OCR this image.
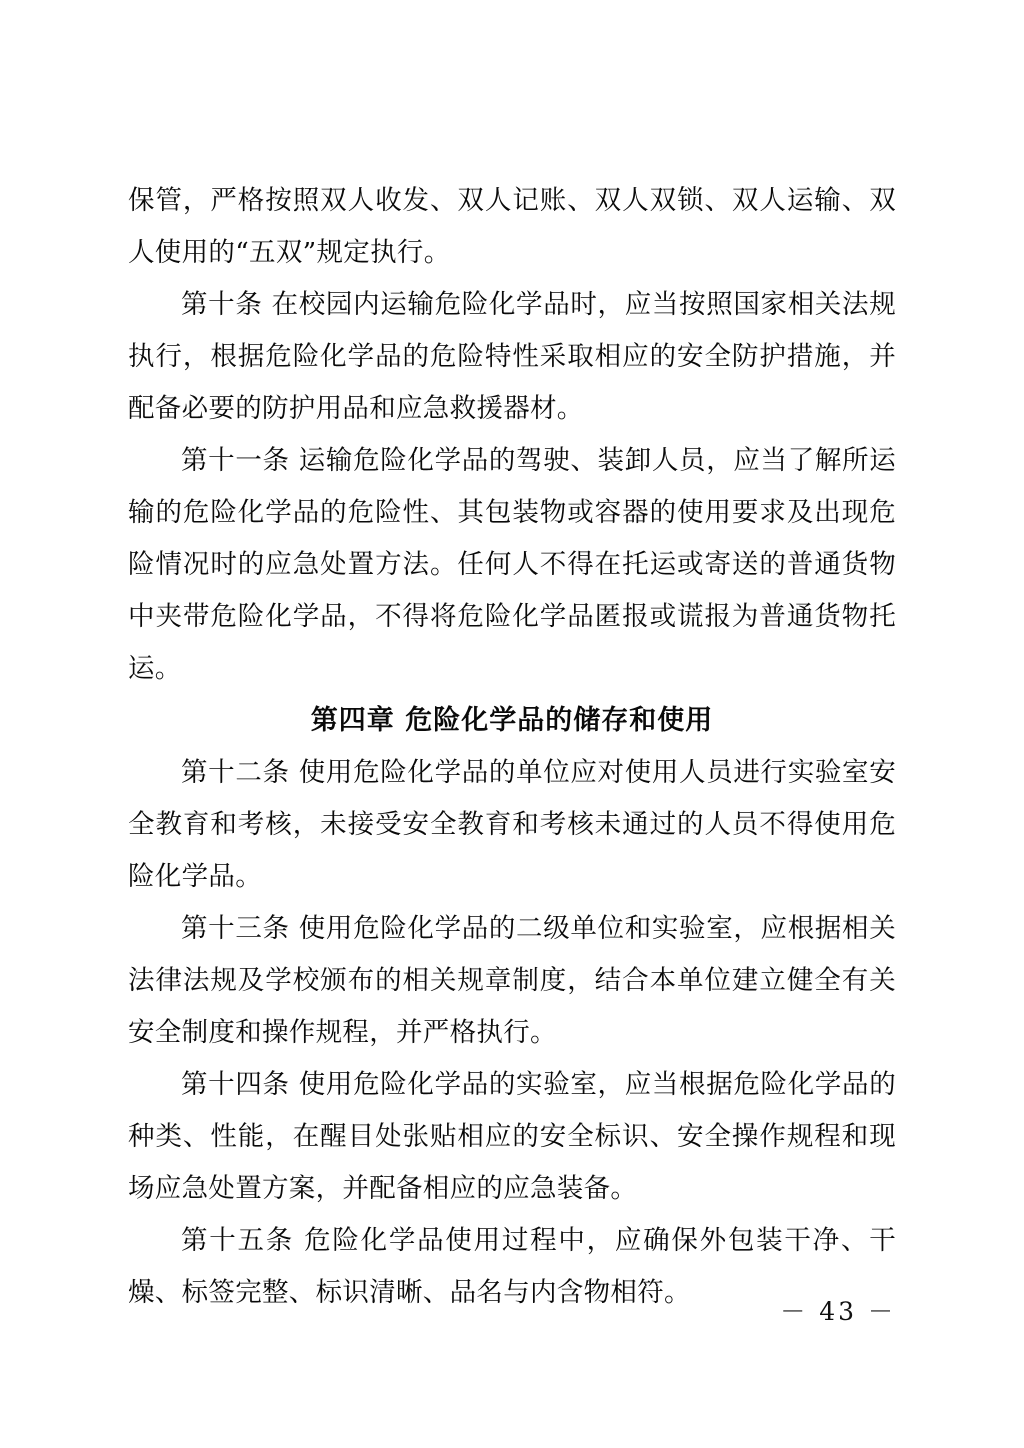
保管，严格按照双人收发、双人记账、双人双锁、双人运输、双人使用的“五双”规定执行。

第十条 在校园内运输危险化学品时，应当按照国家相关法规执行，根据危险化学品的危险特性采取相应的安全防护措施，并配备必要的防护用品和应急救援器材。

第十一条 运输危险化学品的驾驶、装卸人员，应当了解所运输的危险化学品的危险性、其包装物或容器的使用要求及出现危险情况时的应急处置方法。任何人不得在托运或寄送的普通货物中夹带危险化学品，不得将危险化学品匿报或谎报为普通货物托运。

第四章 危险化学品的储存和使用

第十二条 使用危险化学品的单位应对使用人员进行实验室安全教育和考核，未接受安全教育和考核未通过的人员不得使用危险化学品。

第十三条 使用危险化学品的二级单位和实验室，应根据相关法律法规及学校颁布的相关规章制度，结合本单位建立健全有关安全制度和操作规程，并严格执行。

第十四条 使用危险化学品的实验室，应当根据危险化学品的种类、性能，在醒目处张贴相应的安全标识、安全操作规程和现场应急处置方案，并配备相应的应急装备。

第十五条 危险化学品使用过程中，应确保外包装干净、干燥、标签完整、标识清晰、品名与内含物相符。

－ 43 －
